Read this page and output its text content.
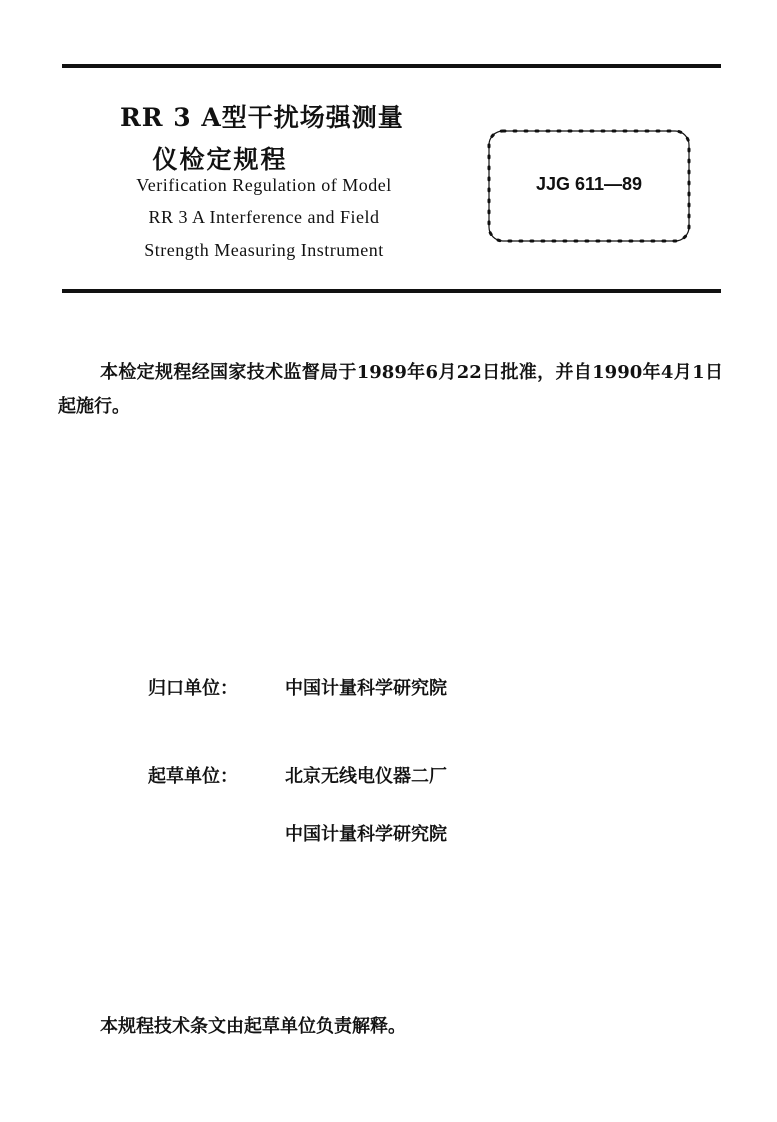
RR 3 A型干扰场强测量
仪检定规程
Verification Regulation of Model
RR 3 A Interference and Field
Strength Measuring Instrument
JJG 611—89
本检定规程经国家技术监督局于1989年6月22日批准，并自1990年4月1日起施行。
归口单位：	中国计量科学研究院
起草单位：	北京无线电仪器二厂
中国计量科学研究院
本规程技术条文由起草单位负责解释。
